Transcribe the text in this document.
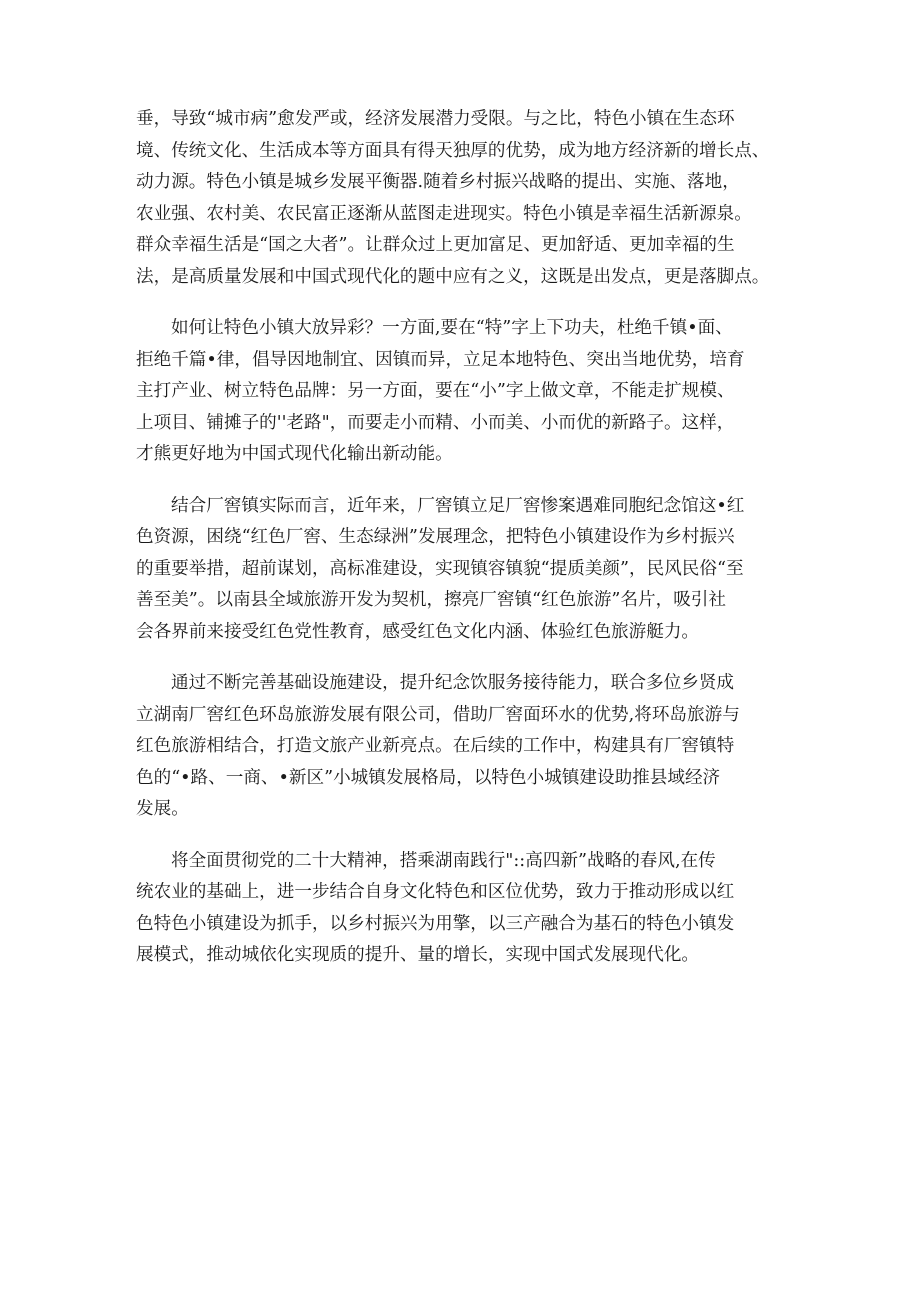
垂，导致“城市病”愈发严或，经济发展潜力受限。与之比，特色小镇在生态环
境、传统文化、生活成本等方面具有得天独厚的优势，成为地方经济新的增长点、
动力源。特色小镇是城乡发展平衡器.随着乡村振兴战略的提出、实施、落地，
农业强、农村美、农民富正逐渐从蓝图走进现实。特色小镇是幸福生活新源泉。
群众幸福生活是“国之大者”。让群众过上更加富足、更加舒适、更加幸福的生
法，是高质量发展和中国式现代化的题中应有之义，这既是出发点，更是落脚点。

如何让特色小镇大放异彩？一方面,要在“特”字上下功夫，杜绝千镇•面、
拒绝千篇•律，倡导因地制宜、因镇而异，立足本地特色、突出当地优势，培育
主打产业、树立特色品牌：另一方面，要在“小”字上做文章，不能走扩规模、
上项目、铺摊子的''老路"，而要走小而精、小而美、小而优的新路子。这样，
才熊更好地为中国式现代化输出新动能。

结合厂窖镇实际而言，近年来，厂窖镇立足厂窖惨案遇难同胞纪念馆这•红
色资源，困绕“红色厂窖、生态绿洲”发展理念，把特色小镇建设作为乡村振兴
的重要举措，超前谋划，高标准建设，实现镇容镇貌“提质美颜”，民风民俗“至
善至美”。以南县全域旅游开发为契机，擦亮厂窖镇“红色旅游”名片，吸引社
会各界前来接受红色党性教育，感受红色文化内涵、体验红色旅游艇力。

通过不断完善基础设施建设，提升纪念饮服务接待能力，联合多位乡贤成
立湖南厂窖红色环岛旅游发展有限公司，借助厂窖面环水的优势,将环岛旅游与
红色旅游相结合，打造文旅产业新亮点。在后续的工作中，构建具有厂窖镇特
色的“•路、一商、•新区”小城镇发展格局，以特色小城镇建设助推县域经济
发展。

将全面贯彻党的二十大精神，搭乘湖南践行"::高四新”战略的春风,在传
统农业的基础上，进一步结合自身文化特色和区位优势，致力于推动形成以红
色特色小镇建设为抓手，以乡村振兴为用擎，以三产融合为基石的特色小镇发
展模式，推动城依化实现质的提升、量的增长，实现中国式发展现代化。
